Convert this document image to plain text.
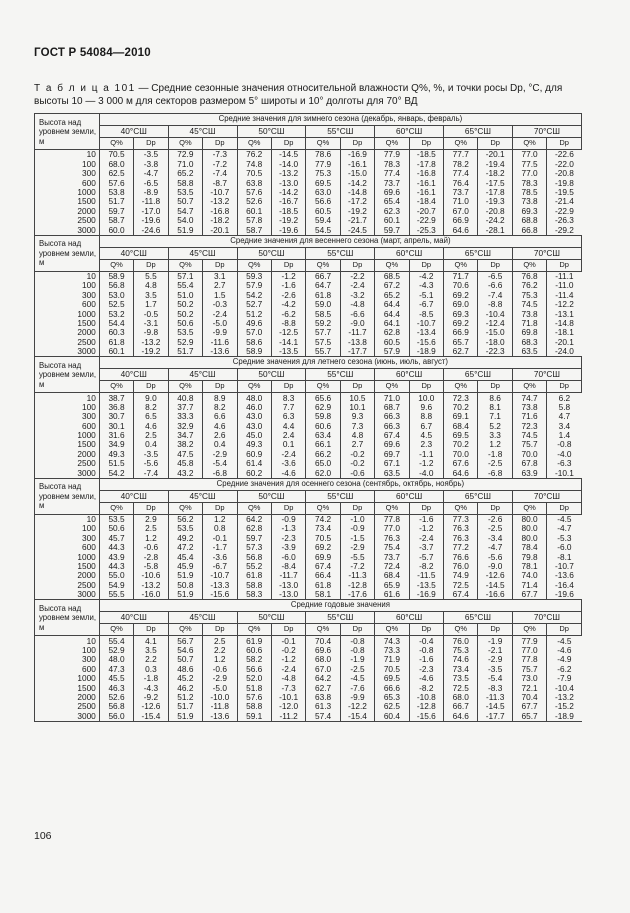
ГОСТ Р 54084—2010
Т а б л и ц а 101 — Средние сезонные значения относительной влажности Q%, %, и точки росы Dp, °C, для высоты 10 — 3 000 м для секторов размером 5° широты и 10° долготы для 70° ВД
Высота над уровнем земли, м	Средние значения для зимнего сезона (декабрь, январь, февраль)													
	40°СШ		45°СШ		50°СШ		55°СШ		60°СШ		65°СШ		70°СШ	
	Q%	Dp	Q%	Dp	Q%	Dp	Q%	Dp	Q%	Dp	Q%	Dp	Q%	Dp
10	70.5	-3.5	72.9	-7.3	76.2	-14.5	78.6	-16.9	77.9	-18.5	77.7	-20.1	77.0	-22.6
100	68.0	-3.8	71.0	-7.2	74.8	-14.0	77.9	-16.1	78.3	-17.8	78.2	-19.4	77.5	-22.0
300	62.5	-4.7	65.2	-7.4	70.5	-13.2	75.3	-15.0	77.4	-16.8	77.4	-18.2	77.0	-20.8
600	57.6	-6.5	58.8	-8.7	63.8	-13.0	69.5	-14.2	73.7	-16.1	76.4	-17.5	78.3	-19.8
1000	53.8	-8.9	53.5	-10.7	57.6	-14.2	63.0	-14.8	69.6	-16.1	73.7	-17.8	78.5	-19.5
1500	51.7	-11.8	50.7	-13.2	52.6	-16.7	56.6	-17.2	65.4	-18.4	71.0	-19.3	73.8	-21.4
2000	59.7	-17.0	54.7	-16.8	60.1	-18.5	60.5	-19.2	62.3	-20.7	67.0	-20.8	69.3	-22.9
2500	58.7	-19.6	54.0	-18.2	57.8	-19.2	59.4	-21.7	60.1	-22.9	66.9	-24.2	68.8	-26.3
3000	60.0	-24.6	51.9	-20.1	58.7	-19.6	54.5	-24.5	59.7	-25.3	64.6	-28.1	66.8	-29.2
Высота над уровнем земли, м	Средние значения для весеннего сезона (март, апрель, май)													
	40°СШ		45°СШ		50°СШ		55°СШ		60°СШ		65°СШ		70°СШ	
	Q%	Dp	Q%	Dp	Q%	Dp	Q%	Dp	Q%	Dp	Q%	Dp	Q%	Dp
10	58.9	5.5	57.1	3.1	59.3	-1.2	66.7	-2.2	68.5	-4.2	71.7	-6.5	76.8	-11.1
100	56.8	4.8	55.4	2.7	57.9	-1.6	64.7	-2.4	67.2	-4.3	70.6	-6.6	76.2	-11.0
300	53.0	3.5	51.0	1.5	54.2	-2.6	61.8	-3.2	65.2	-5.1	69.2	-7.4	75.3	-11.4
600	52.5	1.7	50.2	-0.3	52.7	-4.2	59.0	-4.8	64.4	-6.7	69.0	-8.8	74.5	-12.2
1000	53.2	-0.5	50.2	-2.4	51.2	-6.2	58.5	-6.6	64.4	-8.5	69.3	-10.4	73.8	-13.1
1500	54.4	-3.1	50.6	-5.0	49.6	-8.8	59.2	-9.0	64.1	-10.7	69.2	-12.4	71.8	-14.8
2000	60.3	-9.8	53.5	-9.9	57.0	-12.5	57.7	-11.7	62.8	-13.4	66.9	-15.0	69.8	-18.1
2500	61.8	-13.2	52.9	-11.6	58.6	-14.1	57.5	-13.8	60.5	-15.6	65.7	-18.0	68.3	-20.1
3000	60.1	-19.2	51.7	-13.6	58.9	-13.5	55.7	-17.7	57.9	-18.9	62.7	-22.3	63.5	-24.0
Высота над уровнем земли, м	Средние значения для летнего сезона (июнь, июль, август)													
	40°СШ		45°СШ		50°СШ		55°СШ		60°СШ		65°СШ		70°СШ	
	Q%	Dp	Q%	Dp	Q%	Dp	Q%	Dp	Q%	Dp	Q%	Dp	Q%	Dp
10	38.7	9.0	40.8	8.9	48.0	8.3	65.6	10.5	71.0	10.0	72.3	8.6	74.7	6.2
100	36.8	8.2	37.7	8.2	46.0	7.7	62.9	10.1	68.7	9.6	70.2	8.1	73.8	5.8
300	30.7	6.5	33.3	6.6	43.0	6.3	59.8	9.3	66.3	8.8	69.1	7.1	71.6	4.7
600	30.1	4.6	32.9	4.6	43.0	4.4	60.6	7.3	66.3	6.7	68.4	5.2	72.3	3.4
1000	31.6	2.5	34.7	2.6	45.0	2.4	63.4	4.8	67.4	4.5	69.5	3.3	74.5	1.4
1500	34.9	0.4	38.2	0.4	49.3	0.1	66.1	2.7	69.6	2.3	70.2	1.2	75.7	-0.8
2000	49.3	-3.5	47.5	-2.9	60.9	-2.4	66.2	-0.2	69.7	-1.1	70.0	-1.8	70.0	-4.0
2500	51.5	-5.6	45.8	-5.4	61.4	-3.6	65.0	-0.2	67.1	-1.2	67.6	-2.5	67.8	-6.3
3000	54.2	-7.4	43.2	-6.8	60.2	-4.6	62.0	-0.6	63.5	-4.0	64.6	-6.8	63.9	-10.1
Высота над уровнем земли, м	Средние значения для осеннего сезона (сентябрь, октябрь, ноябрь)													
	40°СШ		45°СШ		50°СШ		55°СШ		60°СШ		65°СШ		70°СШ	
	Q%	Dp	Q%	Dp	Q%	Dp	Q%	Dp	Q%	Dp	Q%	Dp	Q%	Dp
10	53.5	2.9	56.2	1.2	64.2	-0.9	74.2	-1.0	77.8	-1.6	77.3	-2.6	80.0	-4.5
100	50.6	2.5	53.5	0.8	62.8	-1.3	73.4	-0.9	77.0	-1.2	76.3	-2.5	80.0	-4.7
300	45.7	1.2	49.2	-0.1	59.7	-2.3	70.5	-1.5	76.3	-2.4	76.3	-3.4	80.0	-5.3
600	44.3	-0.6	47.2	-1.7	57.3	-3.9	69.2	-2.9	75.4	-3.7	77.2	-4.7	78.4	-6.0
1000	43.9	-2.8	45.4	-3.6	56.8	-6.0	69.9	-5.5	73.7	-5.7	76.6	-5.6	79.8	-8.1
1500	44.3	-5.8	45.9	-6.7	55.2	-8.4	67.4	-7.2	72.4	-8.2	76.0	-9.0	78.1	-10.7
2000	55.0	-10.6	51.9	-10.7	61.8	-11.7	66.4	-11.3	68.4	-11.5	74.9	-12.6	74.0	-13.6
2500	54.9	-13.2	50.8	-13.3	58.8	-13.0	61.8	-12.8	65.9	-13.5	72.5	-14.5	71.4	-16.4
3000	55.5	-16.0	51.9	-15.6	58.3	-13.0	58.1	-17.6	61.6	-16.9	67.4	-16.6	67.7	-19.6
Высота над уровнем земли, м	Средние годовые значения													
	40°СШ		45°СШ		50°СШ		55°СШ		60°СШ		65°СШ		70°СШ	
	Q%	Dp	Q%	Dp	Q%	Dp	Q%	Dp	Q%	Dp	Q%	Dp	Q%	Dp
10	55.4	4.1	56.7	2.5	61.9	-0.1	70.4	-0.8	74.3	-0.4	76.0	-1.9	77.9	-4.5
100	52.9	3.5	54.6	2.2	60.6	-0.2	69.6	-0.8	73.3	-0.8	75.3	-2.1	77.0	-4.6
300	48.0	2.2	50.7	1.2	58.2	-1.2	68.0	-1.9	71.9	-1.6	74.6	-2.9	77.8	-4.9
600	47.3	0.3	48.6	-0.6	56.6	-2.4	67.0	-2.5	70.5	-2.3	73.4	-3.5	75.7	-6.2
1000	45.5	-1.8	45.2	-2.9	52.0	-4.8	64.2	-4.5	69.5	-4.6	73.5	-5.4	73.0	-7.9
1500	46.3	-4.3	46.2	-5.0	51.8	-7.3	62.7	-7.6	66.6	-8.2	72.5	-8.3	72.1	-10.4
2000	52.6	-9.2	51.2	-10.0	57.6	-10.1	63.8	-9.9	65.3	-10.8	68.0	-11.3	70.4	-13.2
2500	56.8	-12.6	51.7	-11.8	58.8	-12.0	61.3	-12.2	62.5	-12.8	66.7	-14.5	67.7	-15.2
3000	56.0	-15.4	51.9	-13.6	59.1	-11.2	57.4	-15.4	60.4	-15.6	64.6	-17.7	65.7	-18.9
106
